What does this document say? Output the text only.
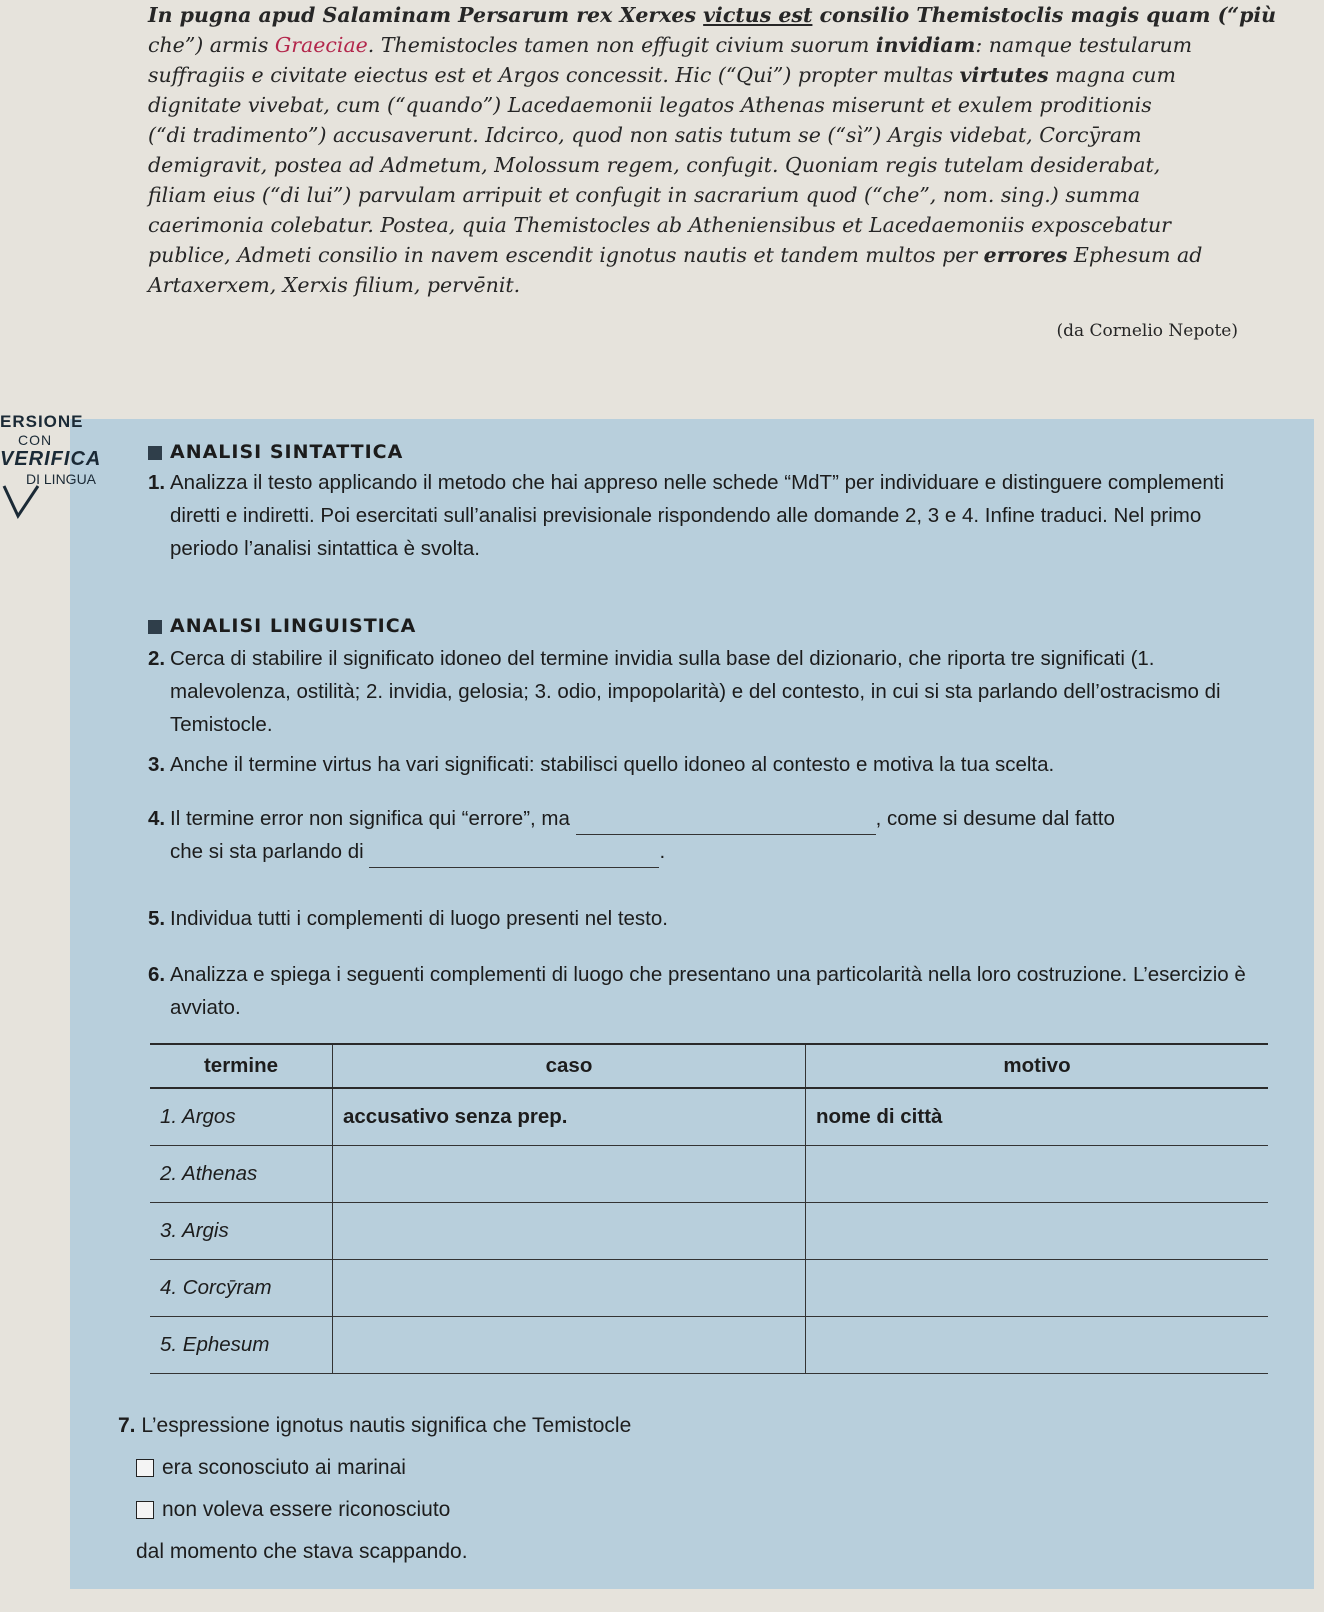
In pugna apud Salaminam Persarum rex Xerxes victus est consilio Themistoclis magis quam (“più
che”) armis Graeciae. Themistocles tamen non effugit civium suorum invidiam: namque testularum
suffragiis e civitate eiectus est et Argos concessit. Hic (“Qui”) propter multas virtutes magna cum
dignitate vivebat, cum (“quando”) Lacedaemonii legatos Athenas miserunt et exulem proditionis
(“di tradimento”) accusaverunt. Idcirco, quod non satis tutum se (“sì”) Argis videbat, Corcȳram
demigravit, postea ad Admetum, Molossum regem, confugit. Quoniam regis tutelam desiderabat,
filiam eius (“di lui”) parvulam arripuit et confugit in sacrarium quod (“che”, nom. sing.) summa
caerimonia colebatur. Postea, quia Themistocles ab Atheniensibus et Lacedaemoniis exposcebatur
publice, Admeti consilio in navem escendit ignotus nautis et tandem multos per errores Ephesum ad
Artaxerxem, Xerxis filium, pervēnit.
(da Cornelio Nepote)
ERSIONE
CON
VERIFICA
DI LINGUA
ANALISI SINTATTICA
1. Analizza il testo applicando il metodo che hai appreso nelle schede “MdT” per individuare e distinguere complementi diretti e indiretti. Poi esercitati sull’analisi previsionale rispondendo alle domande 2, 3 e 4. Infine traduci. Nel primo periodo l’analisi sintattica è svolta.
ANALISI LINGUISTICA
2. Cerca di stabilire il significato idoneo del termine invidia sulla base del dizionario, che riporta tre significati (1. malevolenza, ostilità; 2. invidia, gelosia; 3. odio, impopolarità) e del contesto, in cui si sta parlando dell’ostracismo di Temistocle.
3. Anche il termine virtus ha vari significati: stabilisci quello idoneo al contesto e motiva la tua scelta.
4. Il termine error non significa qui “errore”, ma	, come si desume dal fatto
che si sta parlando di	.
5. Individua tutti i complementi di luogo presenti nel testo.
6. Analizza e spiega i seguenti complementi di luogo che presentano una particolarità nella loro costruzione. L’esercizio è avviato.
termine	caso	motivo
1. Argos	accusativo senza prep.	nome di città
2. Athenas		
3. Argis		
4. Corcȳram		
5. Ephesum		
7. L’espressione ignotus nautis significa che Temistocle
era sconosciuto ai marinai
non voleva essere riconosciuto
dal momento che stava scappando.
